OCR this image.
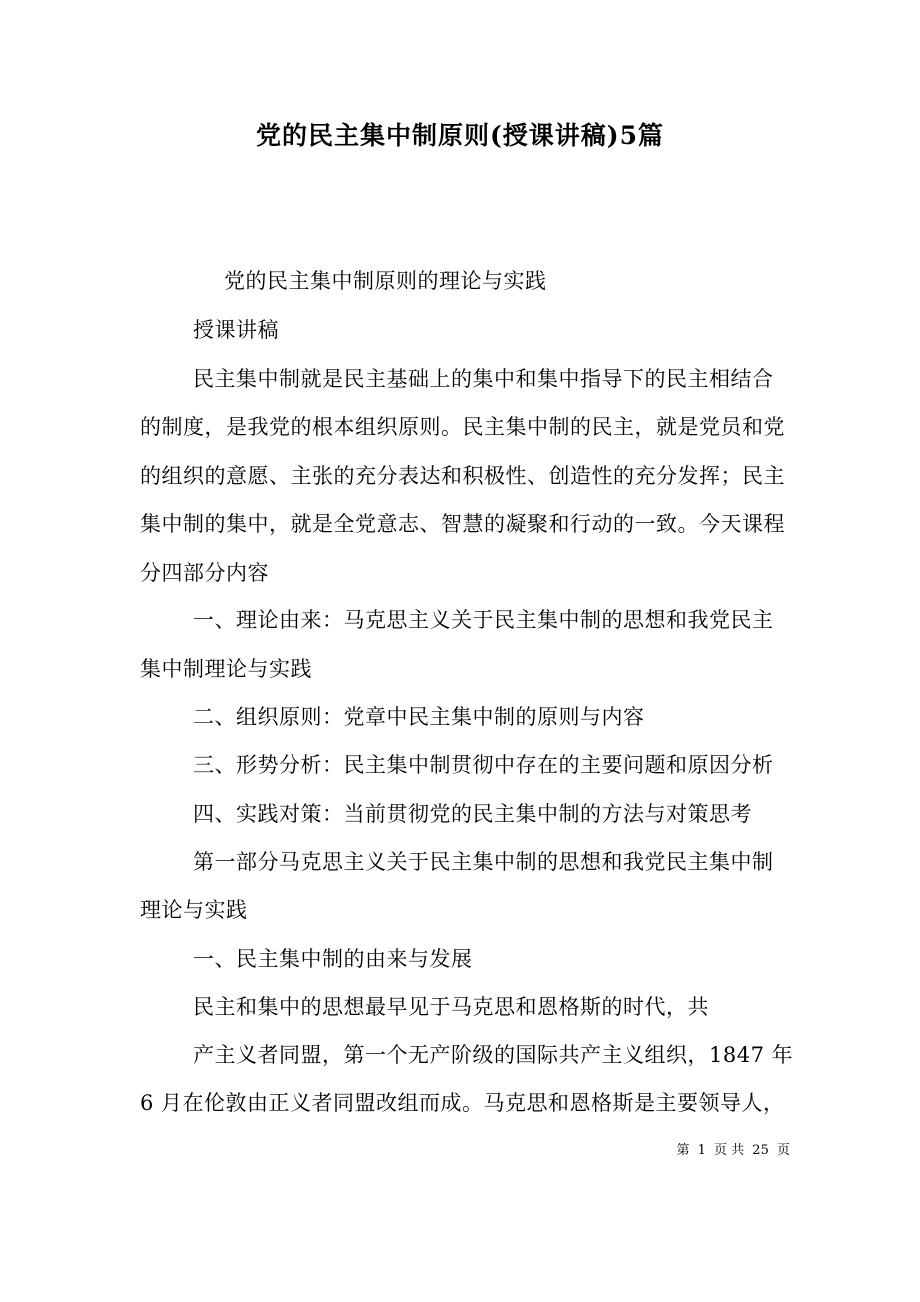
党的民主集中制原则(授课讲稿)5篇
党的民主集中制原则的理论与实践
授课讲稿
民主集中制就是民主基础上的集中和集中指导下的民主相结合
的制度，是我党的根本组织原则。民主集中制的民主，就是党员和党
的组织的意愿、主张的充分表达和积极性、创造性的充分发挥；民主
集中制的集中，就是全党意志、智慧的凝聚和行动的一致。今天课程
分四部分内容
一、理论由来：马克思主义关于民主集中制的思想和我党民主
集中制理论与实践
二、组织原则：党章中民主集中制的原则与内容
三、形势分析：民主集中制贯彻中存在的主要问题和原因分析
四、实践对策：当前贯彻党的民主集中制的方法与对策思考
第一部分马克思主义关于民主集中制的思想和我党民主集中制
理论与实践
一、民主集中制的由来与发展
民主和集中的思想最早见于马克思和恩格斯的时代，共
产主义者同盟，第一个无产阶级的国际共产主义组织，1847 年
6 月在伦敦由正义者同盟改组而成。马克思和恩格斯是主要领导人，
第 1 页 共 25 页
